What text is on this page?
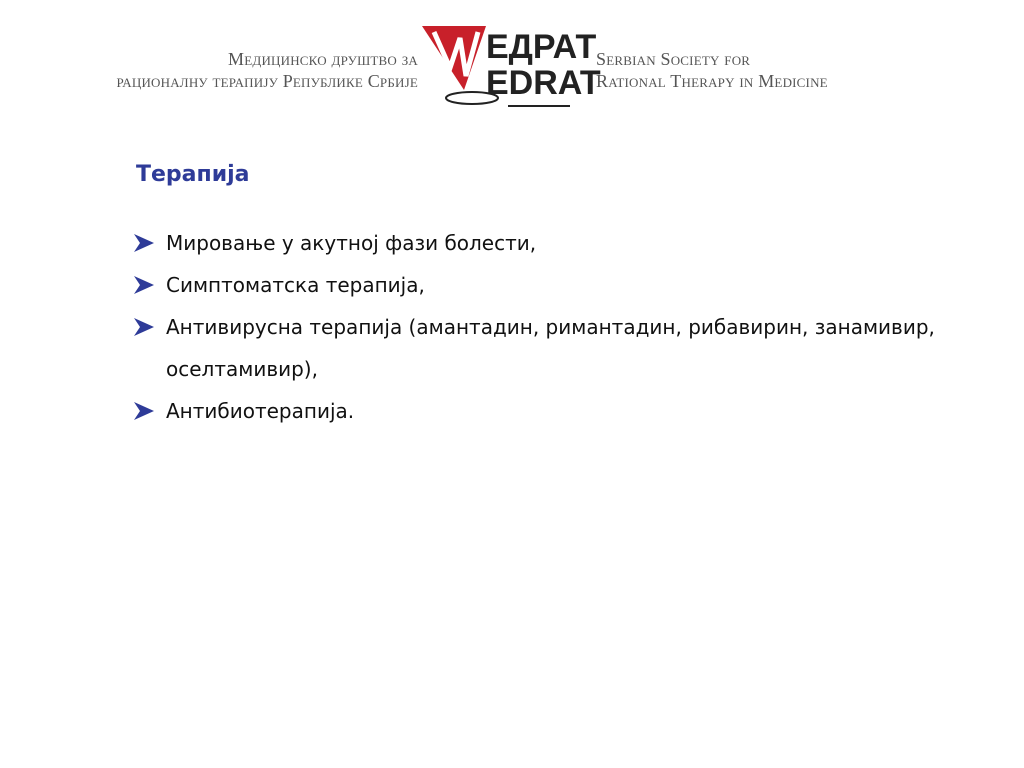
Медицинско друштво за
рационалну терапију Републике Србије
ЕДРАТ
EDRAT
Serbian Society for
Rational Therapy in Medicine
Терапија
Мировање у акутној фази болести,
Симптоматска терапија,
Антивирусна терапија (амантадин, римантадин, рибавирин, занамивир, оселтамивир),
Антибиотерапија.
